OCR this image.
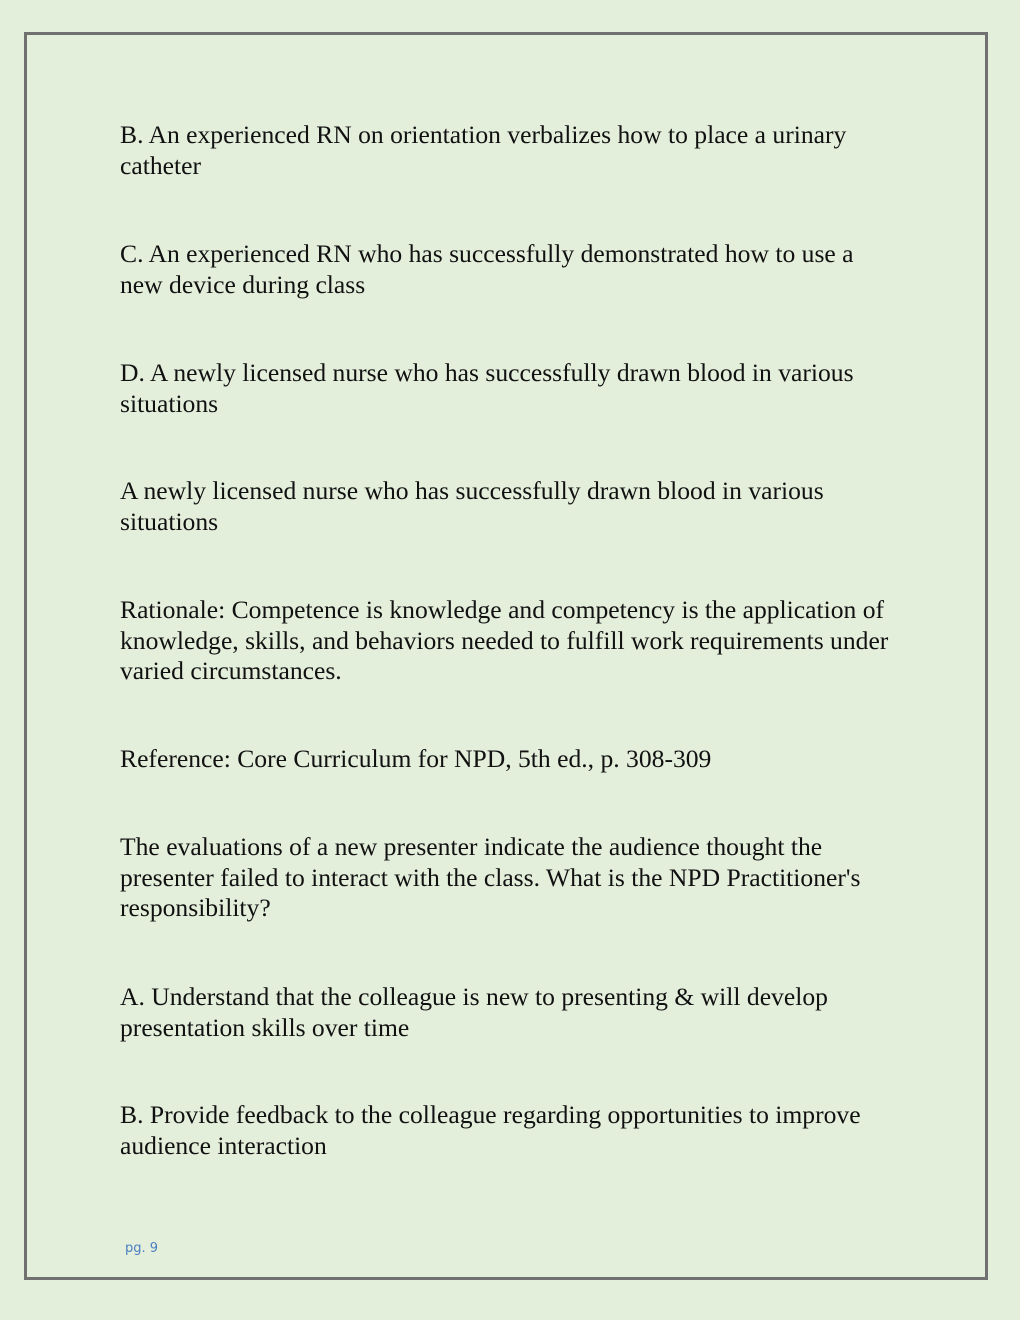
B. An experienced RN on orientation verbalizes how to place a urinary catheter

C. An experienced RN who has successfully demonstrated how to use a new device during class

D. A newly licensed nurse who has successfully drawn blood in various situations

A newly licensed nurse who has successfully drawn blood in various situations

Rationale: Competence is knowledge and competency is the application of knowledge, skills, and behaviors needed to fulfill work requirements under varied circumstances.

Reference: Core Curriculum for NPD, 5th ed., p. 308-309

The evaluations of a new presenter indicate the audience thought the presenter failed to interact with the class. What is the NPD Practitioner's responsibility?

A. Understand that the colleague is new to presenting & will develop presentation skills over time

B. Provide feedback to the colleague regarding opportunities to improve audience interaction

pg. 9
